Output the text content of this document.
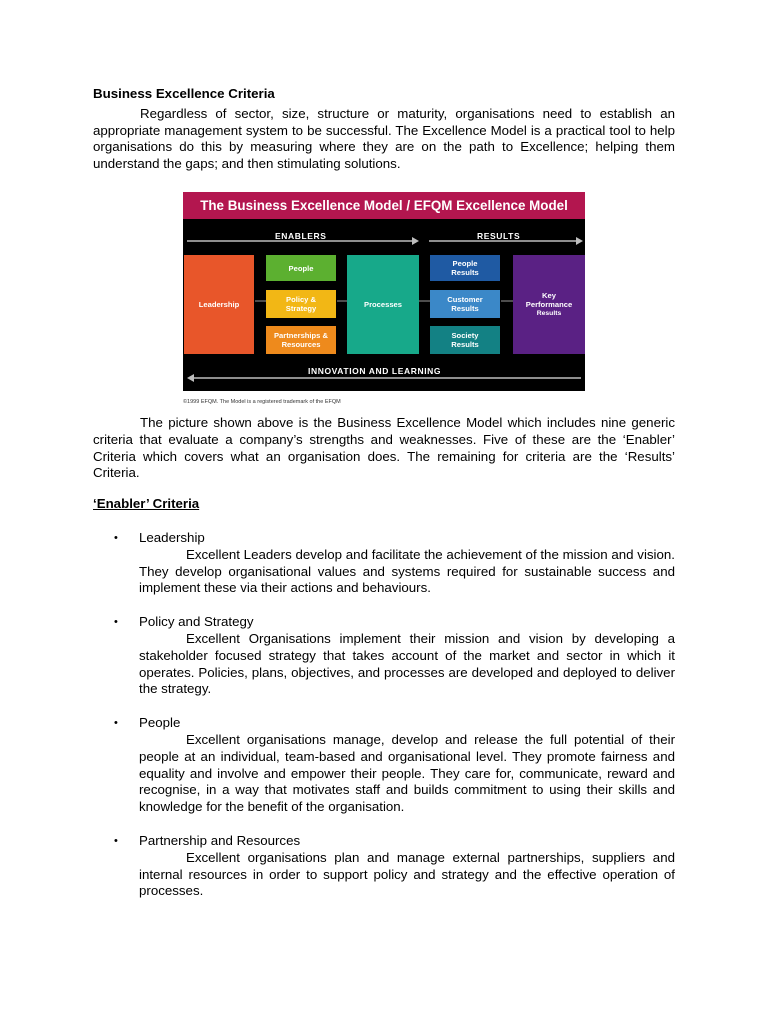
Business Excellence Criteria

Regardless of sector, size, structure or maturity, organisations need to establish an appropriate management system to be successful. The Excellence Model is a practical tool to help organisations do this by measuring where they are on the path to Excellence; helping them understand the gaps; and then stimulating solutions.

The picture shown above is the Business Excellence Model which includes nine generic criteria that evaluate a company’s strengths and weaknesses. Five of these are the ‘Enabler’ Criteria which covers what an organisation does. The remaining for criteria are the ‘Results’ Criteria.

‘Enabler’ Criteria

• Leadership
Excellent Leaders develop and facilitate the achievement of the mission and vision. They develop organisational values and systems required for sustainable success and implement these via their actions and behaviours.
• Policy and Strategy
Excellent Organisations implement their mission and vision by developing a stakeholder focused strategy that takes account of the market and sector in which it operates. Policies, plans, objectives, and processes are developed and deployed to deliver the strategy.
• People
Excellent organisations manage, develop and release the full potential of their people at an individual, team-based and organisational level. They promote fairness and equality and involve and empower their people. They care for, communicate, reward and recognise, in a way that motivates staff and builds commitment to using their skills and knowledge for the benefit of the organisation.
• Partnership and Resources
Excellent organisations plan and manage external partnerships, suppliers and internal resources in order to support policy and strategy and the effective operation of processes.
The Business Excellence Model / EFQM Excellence Model
ENABLERS	RESULTS
Leadership
People
Policy & Strategy
Partnerships & Resources
Processes
People Results
Customer Results
Society Results
Key
Performance
Results
INNOVATION AND LEARNING
©1999 EFQM. The Model is a registered trademark of the EFQM
